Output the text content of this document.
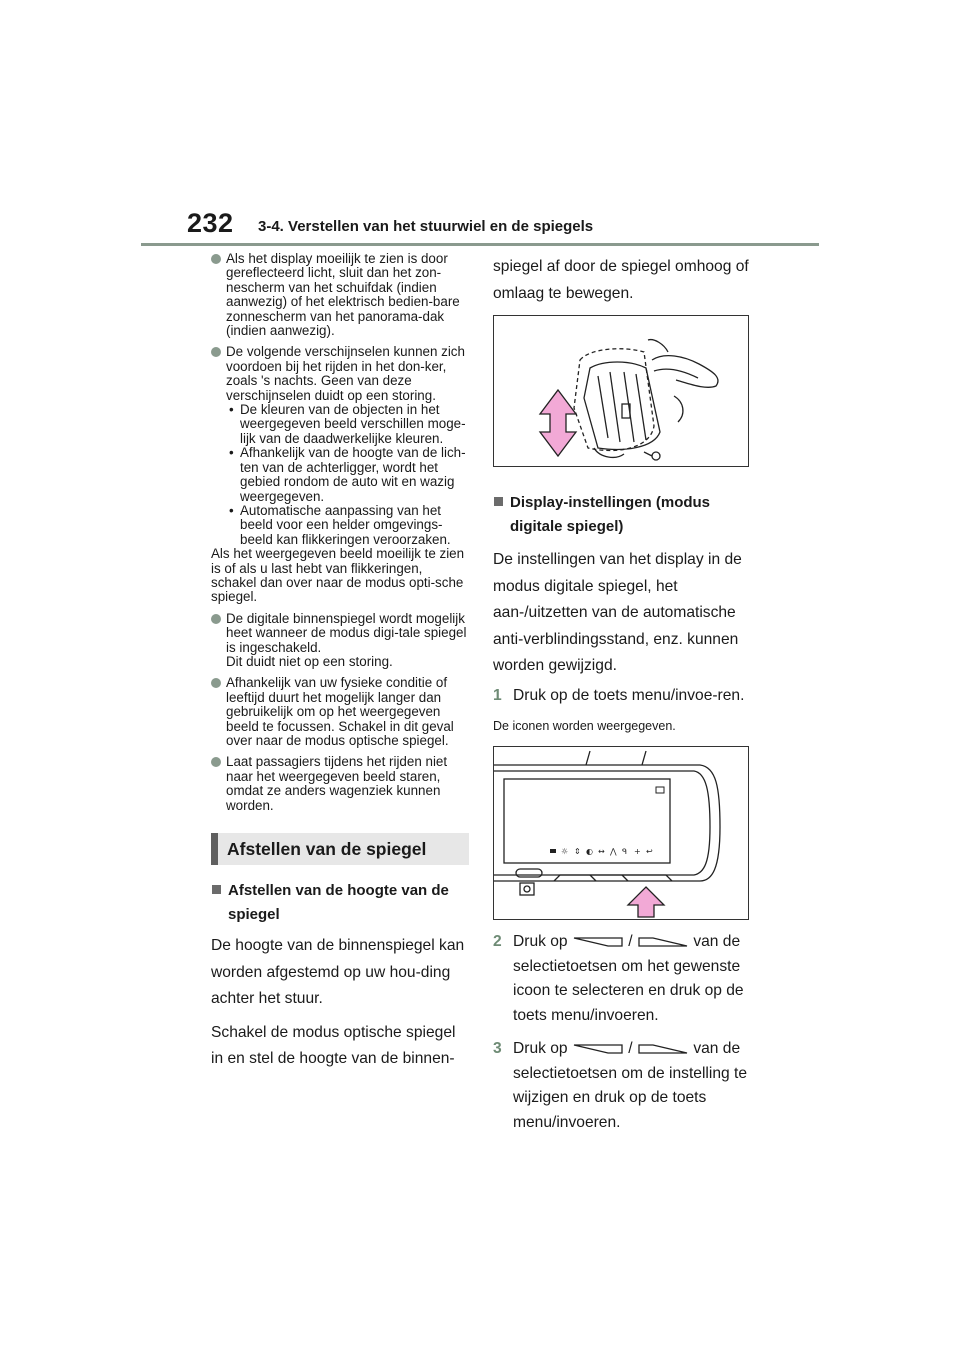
232 3-4. Verstellen van het stuurwiel en de spiegels
Als het display moeilijk te zien is door gereflecteerd licht, sluit dan het zon-nescherm van het schuifdak (indien aanwezig) of het elektrisch bedien-bare zonnescherm van het panorama-dak (indien aanwezig).
De volgende verschijnselen kunnen zich voordoen bij het rijden in het don-ker, zoals 's nachts. Geen van deze verschijnselen duidt op een storing.
• De kleuren van de objecten in het weergegeven beeld verschillen moge-lijk van de daadwerkelijke kleuren.
• Afhankelijk van de hoogte van de lich-ten van de achterligger, wordt het gebied rondom de auto wit en wazig weergegeven.
• Automatische aanpassing van het beeld voor een helder omgevings-beeld kan flikkeringen veroorzaken.
Als het weergegeven beeld moeilijk te zien is of als u last hebt van flikkeringen, schakel dan over naar de modus opti-sche spiegel.
De digitale binnenspiegel wordt mogelijk heet wanneer de modus digi-tale spiegel is ingeschakeld.
Dit duidt niet op een storing.
Afhankelijk van uw fysieke conditie of leeftijd duurt het mogelijk langer dan gebruikelijk om op het weergegeven beeld te focussen. Schakel in dit geval over naar de modus optische spiegel.
Laat passagiers tijdens het rijden niet naar het weergegeven beeld staren, omdat ze anders wagenziek kunnen worden.
Afstellen van de spiegel
Afstellen van de hoogte van de spiegel
De hoogte van de binnenspiegel kan worden afgestemd op uw hou-ding achter het stuur.
Schakel de modus optische spiegel in en stel de hoogte van de binnen-
spiegel af door de spiegel omhoog of omlaag te bewegen.
Display-instellingen (modus digitale spiegel)
De instellingen van het display in de modus digitale spiegel, het aan-/uitzetten van de automatische anti-verblindingsstand, enz. kunnen worden gewijzigd.
1 Druk op de toets menu/invoe-ren.
De iconen worden weergegeven.
☼ ⇕ ◐ ↔ ⋀ ᑫ + ↩
2 Druk op	/	van de selectietoetsen om het gewenste icoon te selecteren en druk op de toets menu/invoeren.
3 Druk op	/	van de selectietoetsen om de instelling te wijzigen en druk op de toets menu/invoeren.
